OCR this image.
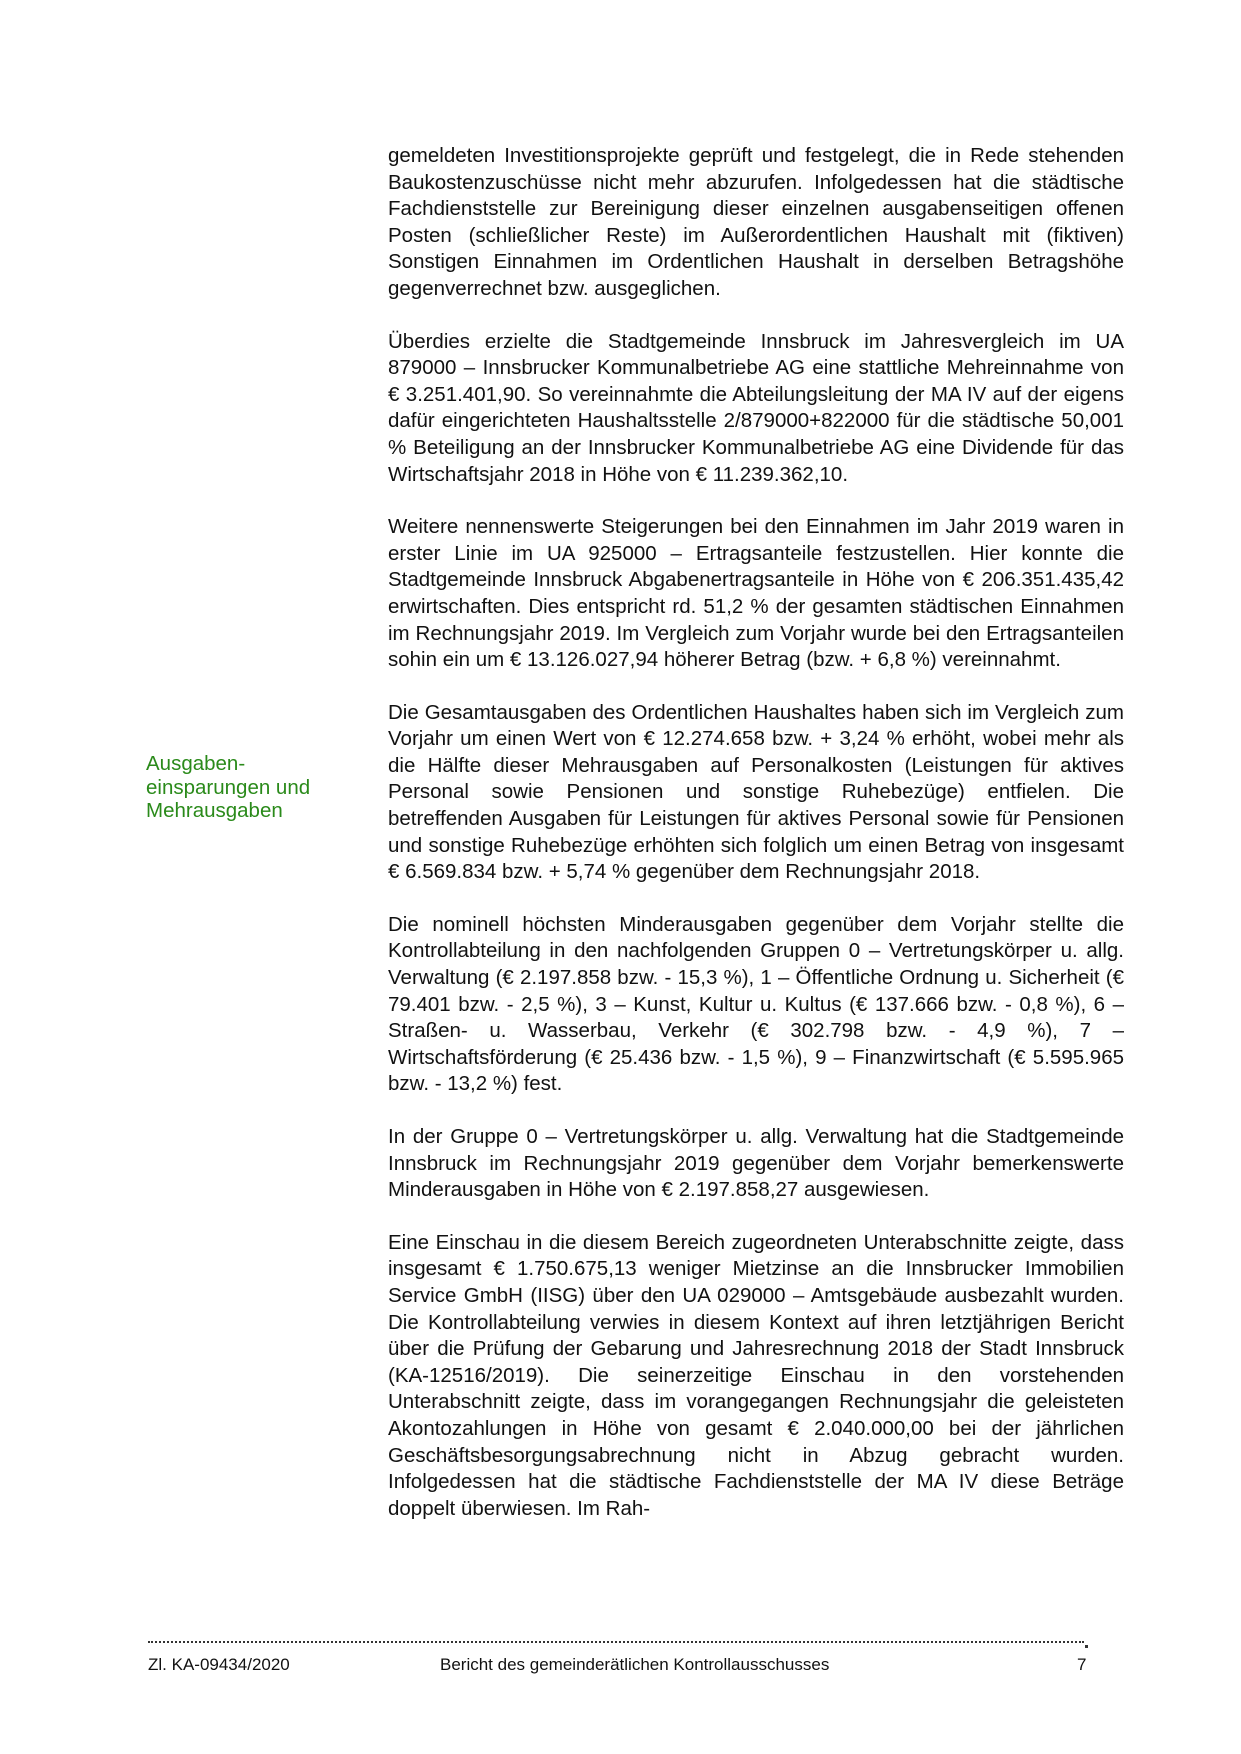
gemeldeten Investitionsprojekte geprüft und festgelegt, die in Rede stehenden Baukostenzuschüsse nicht mehr abzurufen. Infolgedessen hat die städtische Fachdienststelle zur Bereinigung dieser einzelnen ausgabenseitigen offenen Posten (schließlicher Reste) im Außerordentlichen Haushalt mit (fiktiven) Sonstigen Einnahmen im Ordentlichen Haushalt in derselben Betragshöhe gegenverrechnet bzw. ausgeglichen.

Überdies erzielte die Stadtgemeinde Innsbruck im Jahresvergleich im UA 879000 – Innsbrucker Kommunalbetriebe AG eine stattliche Mehreinnahme von € 3.251.401,90. So vereinnahmte die Abteilungsleitung der MA IV auf der eigens dafür eingerichteten Haushaltsstelle 2/879000+822000 für die städtische 50,001 % Beteiligung an der Innsbrucker Kommunalbetriebe AG eine Dividende für das Wirtschaftsjahr 2018 in Höhe von € 11.239.362,10.

Weitere nennenswerte Steigerungen bei den Einnahmen im Jahr 2019 waren in erster Linie im UA 925000 – Ertragsanteile festzustellen. Hier konnte die Stadtgemeinde Innsbruck Abgabenertragsanteile in Höhe von € 206.351.435,42 erwirtschaften. Dies entspricht rd. 51,2 % der gesamten städtischen Einnahmen im Rechnungsjahr 2019. Im Vergleich zum Vorjahr wurde bei den Ertragsanteilen sohin ein um € 13.126.027,94 höherer Betrag (bzw. + 6,8 %) vereinnahmt.

Die Gesamtausgaben des Ordentlichen Haushaltes haben sich im Vergleich zum Vorjahr um einen Wert von € 12.274.658 bzw. + 3,24 % erhöht, wobei mehr als die Hälfte dieser Mehrausgaben auf Personalkosten (Leistungen für aktives Personal sowie Pensionen und sonstige Ruhebezüge) entfielen. Die betreffenden Ausgaben für Leistungen für aktives Personal sowie für Pensionen und sonstige Ruhebezüge erhöhten sich folglich um einen Betrag von insgesamt € 6.569.834 bzw. + 5,74 % gegenüber dem Rechnungsjahr 2018.

Die nominell höchsten Minderausgaben gegenüber dem Vorjahr stellte die Kontrollabteilung in den nachfolgenden Gruppen 0 – Vertretungskörper u. allg. Verwaltung (€ 2.197.858 bzw. - 15,3 %), 1 – Öffentliche Ordnung u. Sicherheit (€ 79.401 bzw. - 2,5 %), 3 – Kunst, Kultur u. Kultus (€ 137.666 bzw. - 0,8 %), 6 – Straßen- u. Wasserbau, Verkehr (€ 302.798 bzw. - 4,9 %), 7 – Wirtschaftsförderung (€ 25.436 bzw. - 1,5 %), 9 – Finanzwirtschaft (€ 5.595.965 bzw. - 13,2 %) fest.

In der Gruppe 0 – Vertretungskörper u. allg. Verwaltung hat die Stadtgemeinde Innsbruck im Rechnungsjahr 2019 gegenüber dem Vorjahr bemerkenswerte Minderausgaben in Höhe von € 2.197.858,27 ausgewiesen.

Eine Einschau in die diesem Bereich zugeordneten Unterabschnitte zeigte, dass insgesamt € 1.750.675,13 weniger Mietzinse an die Innsbrucker Immobilien Service GmbH (IISG) über den UA 029000 – Amtsgebäude ausbezahlt wurden. Die Kontrollabteilung verwies in diesem Kontext auf ihren letztjährigen Bericht über die Prüfung der Gebarung und Jahresrechnung 2018 der Stadt Innsbruck (KA-12516/2019). Die seinerzeitige Einschau in den vorstehenden Unterabschnitt zeigte, dass im vorangegangen Rechnungsjahr die geleisteten Akontozahlungen in Höhe von gesamt € 2.040.000,00 bei der jährlichen Geschäftsbesorgungsabrechnung nicht in Abzug gebracht wurden. Infolgedessen hat die städtische Fachdienststelle der MA IV diese Beträge doppelt überwiesen. Im Rah-

Ausgaben-
einsparungen und
Mehrausgaben
Zl. KA-09434/2020	Bericht des gemeinderätlichen Kontrollausschusses	7
